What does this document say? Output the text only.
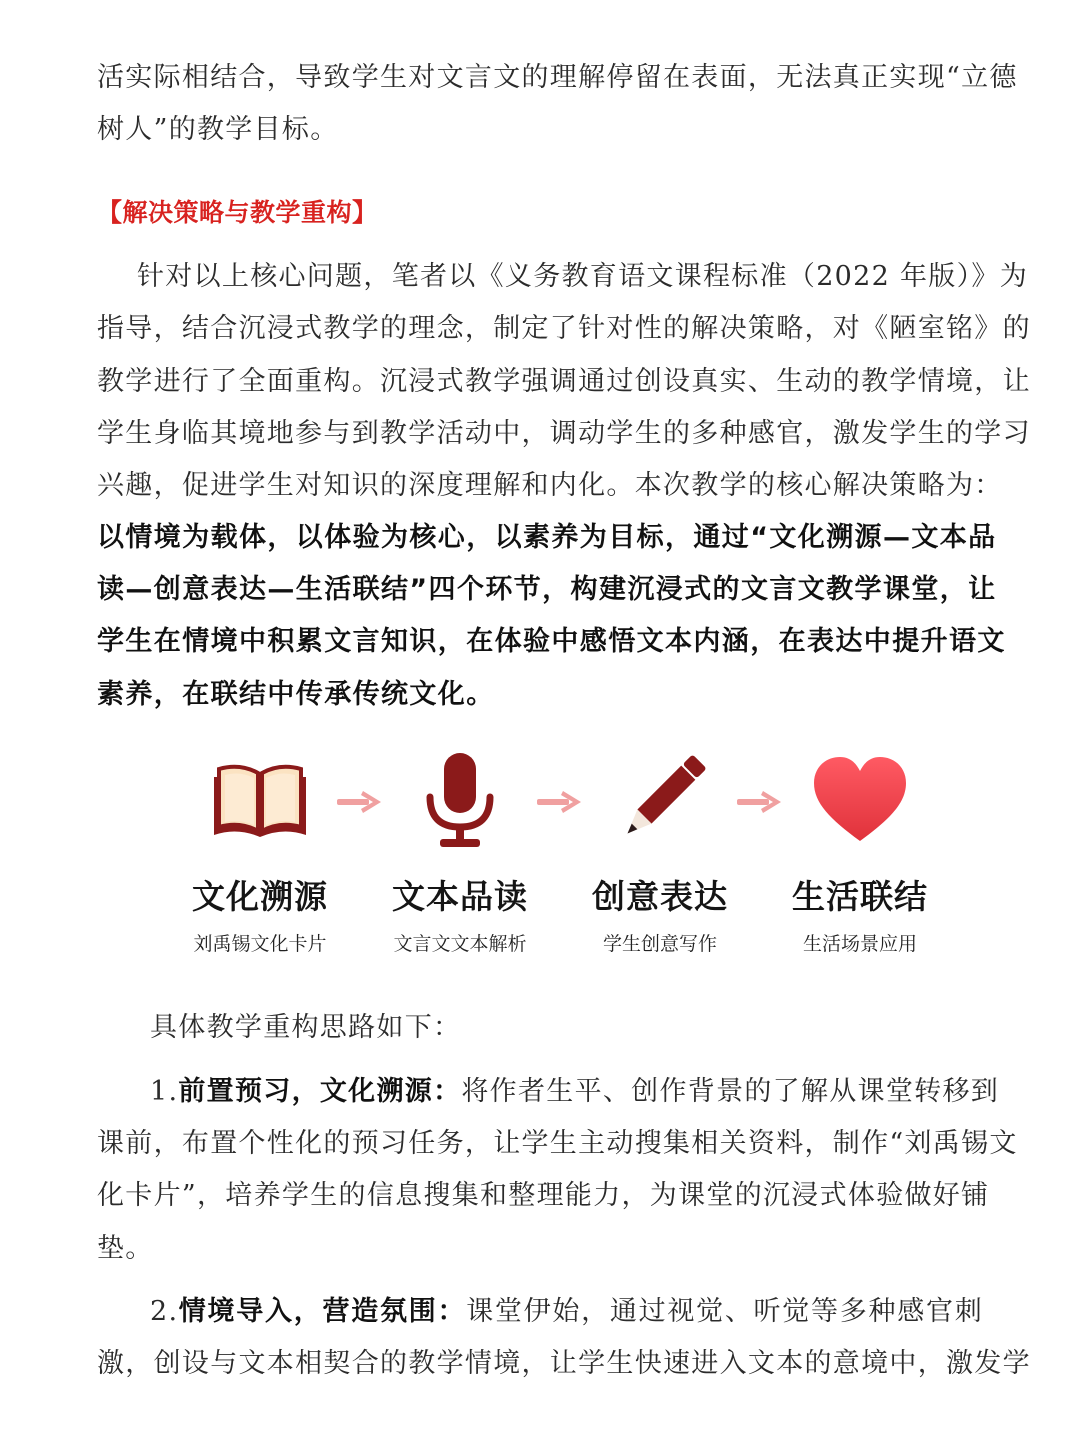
活实际相结合，导致学生对文言文的理解停留在表面，无法真正实现“立德
树人”的教学目标。
【解决策略与教学重构】
针对以上核心问题，笔者以《义务教育语文课程标准（2022 年版）》为
指导，结合沉浸式教学的理念，制定了针对性的解决策略，对《陋室铭》的
教学进行了全面重构。沉浸式教学强调通过创设真实、生动的教学情境，让
学生身临其境地参与到教学活动中，调动学生的多种感官，激发学生的学习
兴趣，促进学生对知识的深度理解和内化。本次教学的核心解决策略为：
以情境为载体，以体验为核心，以素养为目标，通过“文化溯源—文本品
读—创意表达—生活联结”四个环节，构建沉浸式的文言文教学课堂，让
学生在情境中积累文言知识，在体验中感悟文本内涵，在表达中提升语文
素养，在联结中传承传统文化。
文化溯源
刘禹锡文化卡片
文本品读
文言文文本解析
创意表达
学生创意写作
生活联结
生活场景应用
具体教学重构思路如下：
1.前置预习，文化溯源：将作者生平、创作背景的了解从课堂转移到
课前，布置个性化的预习任务，让学生主动搜集相关资料，制作“刘禹锡文
化卡片”，培养学生的信息搜集和整理能力，为课堂的沉浸式体验做好铺
垫。
2.情境导入，营造氛围：课堂伊始，通过视觉、听觉等多种感官刺
激，创设与文本相契合的教学情境，让学生快速进入文本的意境中，激发学
